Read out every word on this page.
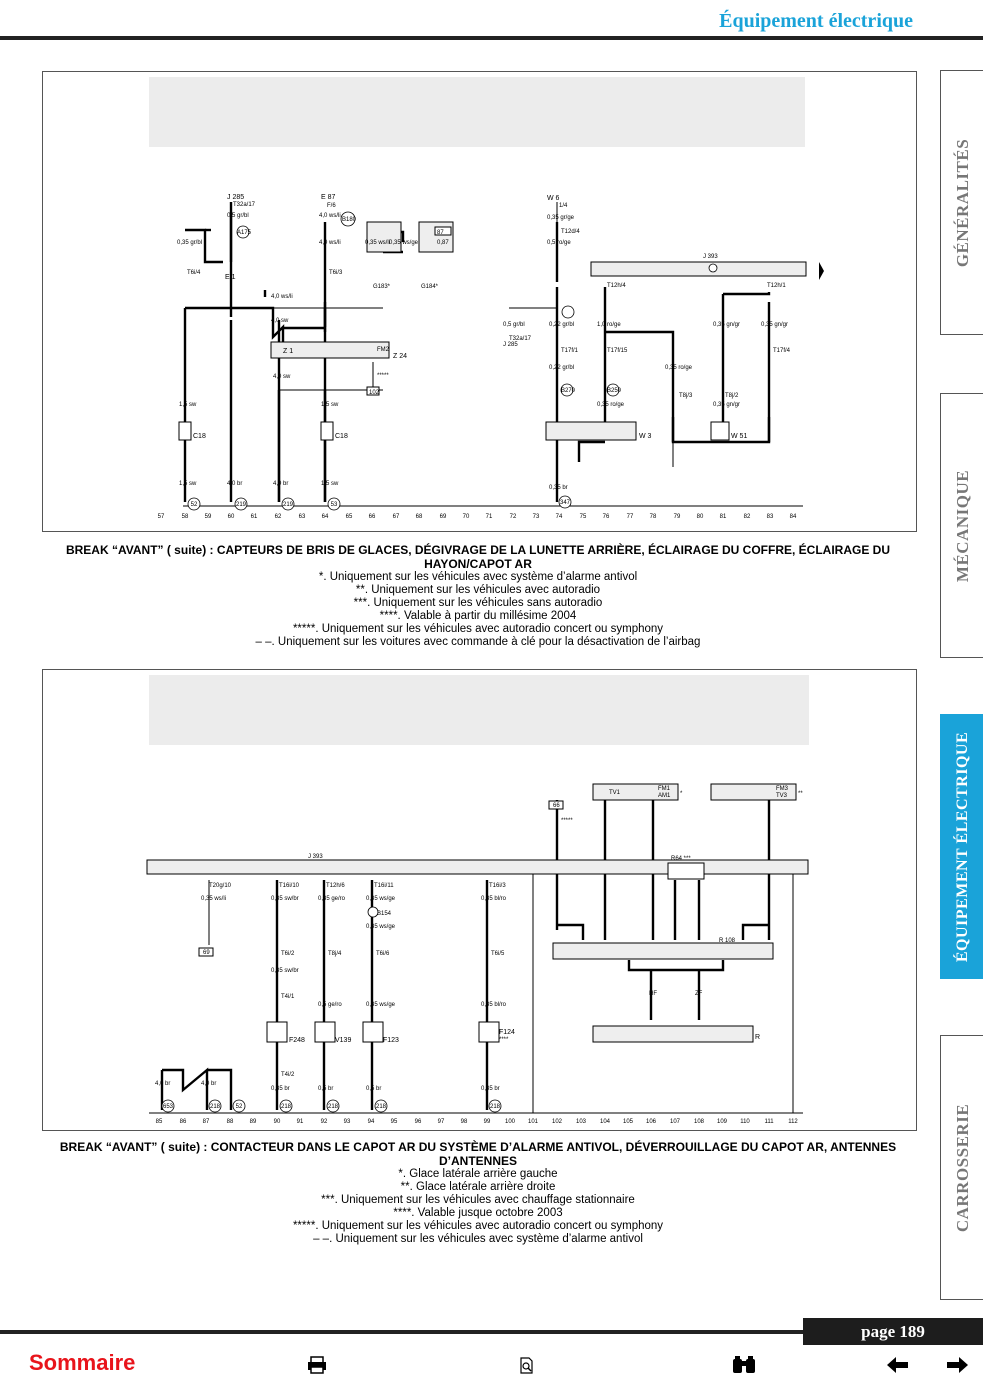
Équipement électrique
57	58	59	60	61	62	63	64	65	66	67	68	69	70	71	72	73	74	75	76	77	78	79	80	81	82	83	84
J 285
T32a/17
E 87
F/6
W 6
1/4
E 1
Z 1
Z 24
FM2
C18	C18
G183*	G184*
J 393
W 3	W 51
T12h/4	T12h/1
T12d/4
T17f/1	T17f/15	T17f/4
T6i/4	T6i/3
T8j/3	T8j/2
A175
B180
B270	B250
87
102
*****
J 285
T32a/17
0,5 gr/bl
0,35 gr/bl
4,0 ws/li
0,35 ws/li
0,35 ws/ge	0,87
0,35 gr/ge
4,0 ws/li
4,0 ws/li
4,0 sw
1,5 sw
1,5 sw	4,0 br	4,0 br
4,0 sw
1,5 sw
1,5 sw
0,5 ro/ge
0,5 gr/bl	0,22 gr/bl
0,22 gr/bl
1,0 ro/ge
0,35 ro/ge
0,35 gn/gr	0,35 gn/gr
0,35 br
0,35 ro/ge	0,35 gn/gr
52	219	219	53	347
BREAK “AVANT” ( suite) : CAPTEURS DE BRIS DE GLACES, DÉGIVRAGE DE LA LUNETTE ARRIÈRE, ÉCLAIRAGE DU COFFRE, ÉCLAIRAGE DU HAYON/CAPOT AR
*. Uniquement sur les véhicules avec système d’alarme antivol
**. Uniquement sur les véhicules avec autoradio
***. Uniquement sur les véhicules sans autoradio
****. Valable à partir du millésime 2004
*****. Uniquement sur les véhicules avec autoradio concert ou symphony
– –. Uniquement sur les voitures avec commande à clé pour la désactivation de l’airbag
85	86	87	88	89	90	91	92	93	94	95	96	97	98	99 100 101 102 103 104 105 106 107 108 109 110 111 112
J 393
T20g/10	T16i/10	T12h/6	T16i/11	T16i/3
T6i/2	T8j/4	T6i/6	T6i/5
T4i/1
T4i/2
F248	V139	F123
F124
****
B154
69
66
*****
TV1
FM1
AM1 *
FM3
TV3 **
R64 ***
R 108
R
HF	ZF
0,35 ws/li	0,35 sw/br	0,35 ge/ro	0,35 ws/ge	0,35 bl/ro
0,35 sw/br
0,5 ge/ro	0,35 ws/ge	0,35 bl/ro
0,35 br	0,5 br	0,5 br	0,35 br
4,0 br	4,0 br
0,35 ws/ge
653	218	52	218	218	218	218
BREAK “AVANT” ( suite) : CONTACTEUR DANS LE CAPOT AR DU SYSTÈME D’ALARME ANTIVOL, DÉVERROUILLAGE DU CAPOT AR, ANTENNES D’ANTENNES
*. Glace latérale arrière gauche
**. Glace latérale arrière droite
***. Uniquement sur les véhicules avec chauffage stationnaire
****. Valable jusque octobre 2003
*****. Uniquement sur les véhicules avec autoradio concert ou symphony
– –. Uniquement sur les véhicules avec système d’alarme antivol
GÉNÉRALITÉS
MÉCANIQUE
ÉQUIPEMENT ÉLECTRIQUE
CARROSSERIE
page 189
Sommaire
